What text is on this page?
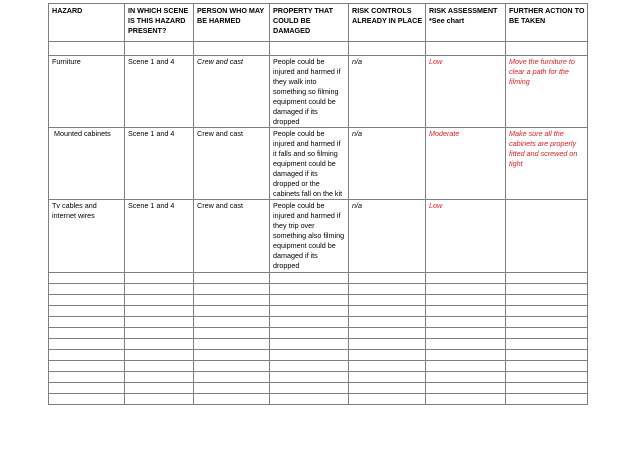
HAZARD	IN WHICH SCENE IS THIS HAZARD PRESENT?	PERSON WHO MAY BE HARMED	PROPERTY THAT COULD BE DAMAGED	RISK CONTROLS ALREADY IN PLACE	RISK ASSESSMENT *See chart	FURTHER ACTION TO BE TAKEN

Furniture	Scene 1 and 4	Crew and cast	People could be injured and harmed if they walk into something so filming equipment could be damaged if its dropped	n/a	Low	Move the furniture to clear a path for the filming
Mounted cabinets	Scene 1 and 4	Crew and cast	People could be injured and harmed if it falls and so filming equipment could be damaged if its dropped or the cabinets fall on the kit	n/a	Moderate	Make sure all the cabinets are properly fitted and screwed on tight
Tv cables and internet wires	Scene 1 and 4	Crew and cast	People could be injured and harmed if they trip over something also filming equipment could be damaged if its dropped	n/a	Low	
